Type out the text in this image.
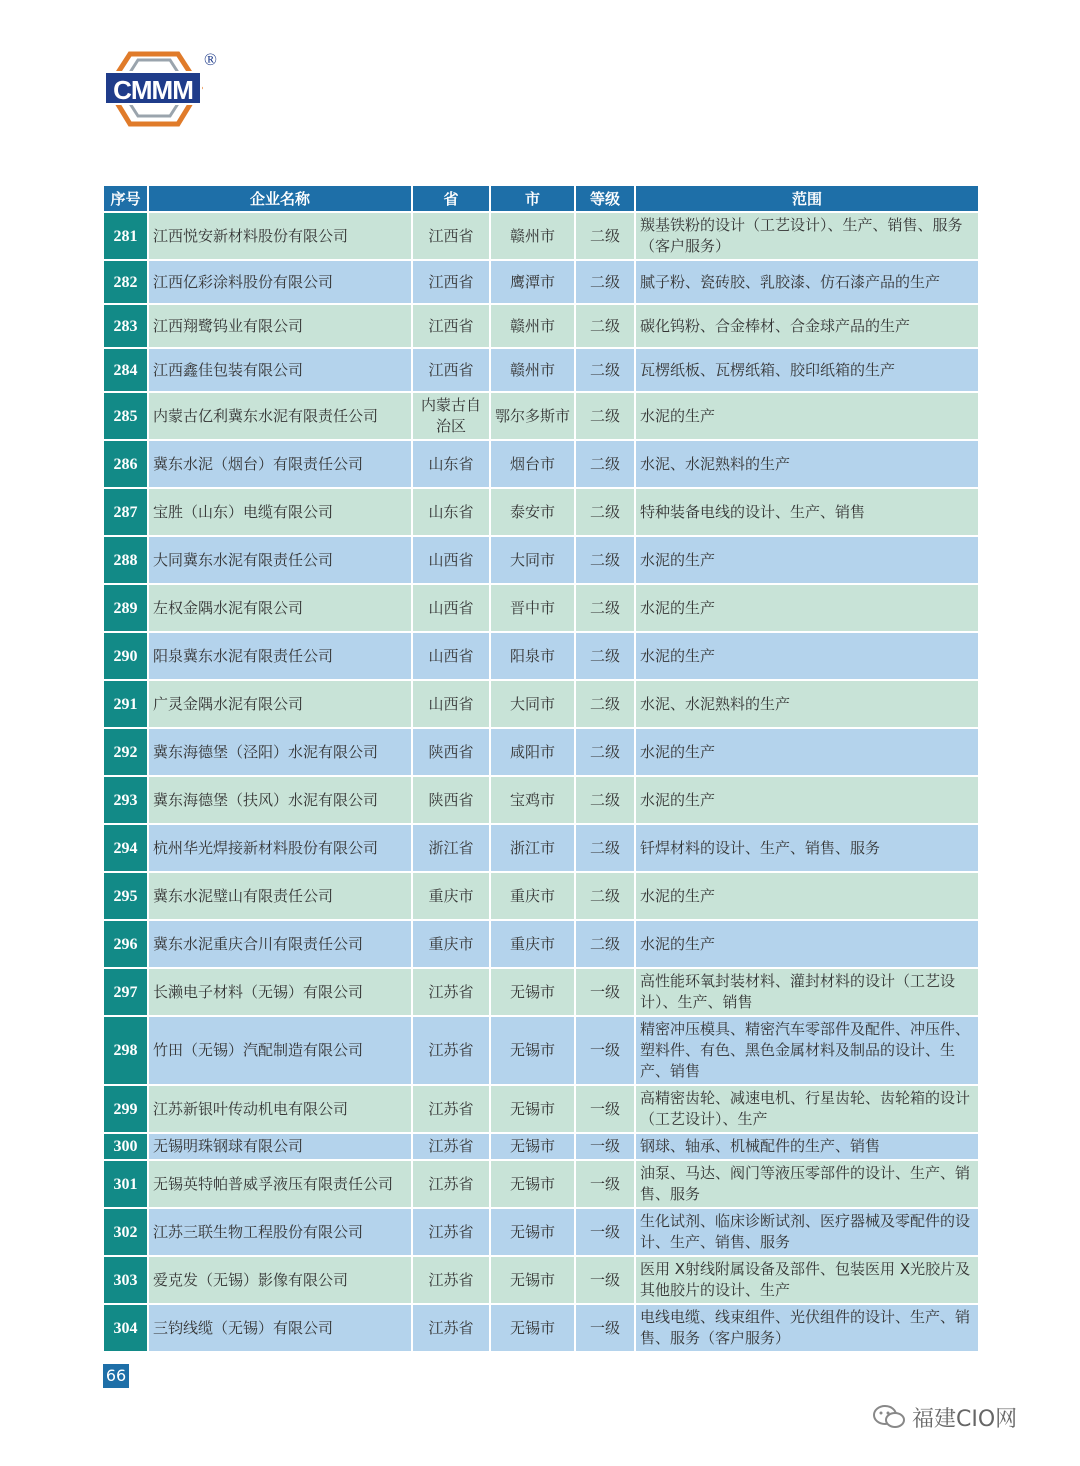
CMMM
®
序号	企业名称	省	市	等级	范围
281	江西悦安新材料股份有限公司	江西省	赣州市	二级	羰基铁粉的设计（工艺设计）、生产、销售、服务（客户服务）
282	江西亿彩涂料股份有限公司	江西省	鹰潭市	二级	腻子粉、瓷砖胶、乳胶漆、仿石漆产品的生产
283	江西翔鹭钨业有限公司	江西省	赣州市	二级	碳化钨粉、合金棒材、合金球产品的生产
284	江西鑫佳包装有限公司	江西省	赣州市	二级	瓦楞纸板、瓦楞纸箱、胶印纸箱的生产
285	内蒙古亿利冀东水泥有限责任公司	内蒙古自治区	鄂尔多斯市	二级	水泥的生产
286	冀东水泥（烟台）有限责任公司	山东省	烟台市	二级	水泥、水泥熟料的生产
287	宝胜（山东）电缆有限公司	山东省	泰安市	二级	特种装备电线的设计、生产、销售
288	大同冀东水泥有限责任公司	山西省	大同市	二级	水泥的生产
289	左权金隅水泥有限公司	山西省	晋中市	二级	水泥的生产
290	阳泉冀东水泥有限责任公司	山西省	阳泉市	二级	水泥的生产
291	广灵金隅水泥有限公司	山西省	大同市	二级	水泥、水泥熟料的生产
292	冀东海德堡（泾阳）水泥有限公司	陕西省	咸阳市	二级	水泥的生产
293	冀东海德堡（扶风）水泥有限公司	陕西省	宝鸡市	二级	水泥的生产
294	杭州华光焊接新材料股份有限公司	浙江省	浙江市	二级	钎焊材料的设计、生产、销售、服务
295	冀东水泥璧山有限责任公司	重庆市	重庆市	二级	水泥的生产
296	冀东水泥重庆合川有限责任公司	重庆市	重庆市	二级	水泥的生产
297	长濑电子材料（无锡）有限公司	江苏省	无锡市	一级	高性能环氧封装材料、灌封材料的设计（工艺设计）、生产、销售
298	竹田（无锡）汽配制造有限公司	江苏省	无锡市	一级	精密冲压模具、精密汽车零部件及配件、冲压件、塑料件、有色、黑色金属材料及制品的设计、生产、销售
299	江苏新银叶传动机电有限公司	江苏省	无锡市	一级	高精密齿轮、减速电机、行星齿轮、齿轮箱的设计（工艺设计）、生产
300	无锡明珠钢球有限公司	江苏省	无锡市	一级	钢球、轴承、机械配件的生产、销售
301	无锡英特帕普威孚液压有限责任公司	江苏省	无锡市	一级	油泵、马达、阀门等液压零部件的设计、生产、销售、服务
302	江苏三联生物工程股份有限公司	江苏省	无锡市	一级	生化试剂、临床诊断试剂、医疗器械及零配件的设计、生产、销售、服务
303	爱克发（无锡）影像有限公司	江苏省	无锡市	一级	医用 X射线附属设备及部件、包装医用 X光胶片及其他胶片的设计、生产
304	三钧线缆（无锡）有限公司	江苏省	无锡市	一级	电线电缆、线束组件、光伏组件的设计、生产、销售、服务（客户服务）
66
福建CIO网
